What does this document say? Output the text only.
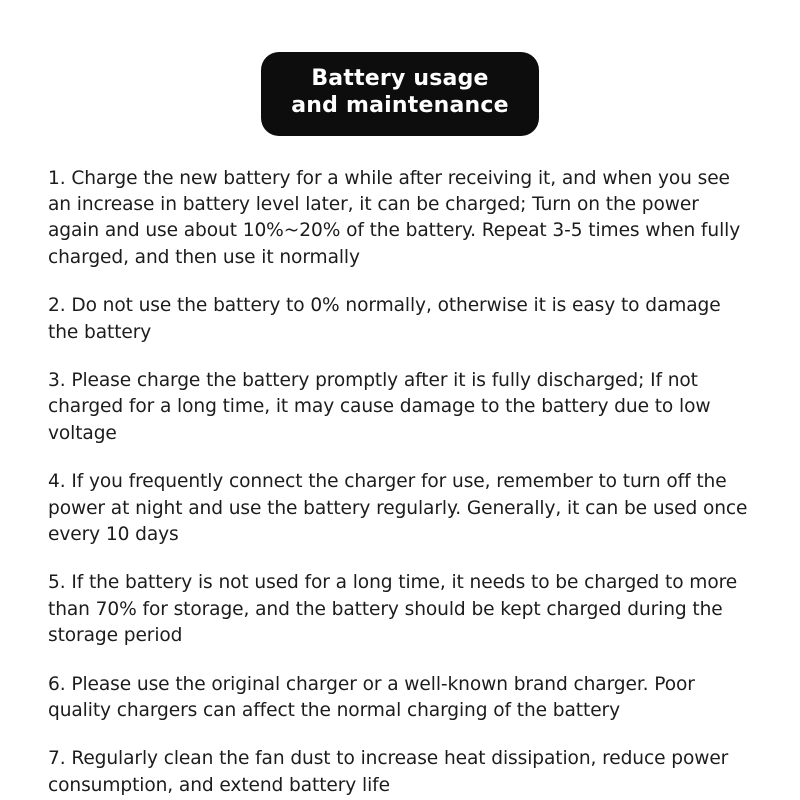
Battery usage
and maintenance

1. Charge the new battery for a while after receiving it, and when you see an increase in battery level later, it can be charged; Turn on the power again and use about 10%~20% of the battery. Repeat 3-5 times when fully charged, and then use it normally

2. Do not use the battery to 0% normally, otherwise it is easy to damage the battery

3. Please charge the battery promptly after it is fully discharged; If not charged for a long time, it may cause damage to the battery due to low voltage

4. If you frequently connect the charger for use, remember to turn off the power at night and use the battery regularly. Generally, it can be used once every 10 days

5. If the battery is not used for a long time, it needs to be charged to more than 70% for storage, and the battery should be kept charged during the storage period

6. Please use the original charger or a well-known brand charger. Poor quality chargers can affect the normal charging of the battery

7. Regularly clean the fan dust to increase heat dissipation, reduce power consumption, and extend battery life
